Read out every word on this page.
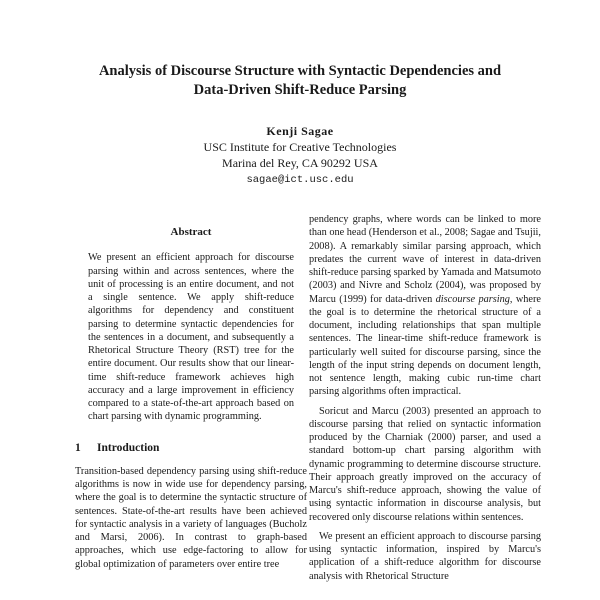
Analysis of Discourse Structure with Syntactic Dependencies and
Data-Driven Shift-Reduce Parsing
Kenji Sagae
USC Institute for Creative Technologies
Marina del Rey, CA 90292 USA
sagae@ict.usc.edu
Abstract

We present an efficient approach for discourse parsing within and across sentences, where the unit of processing is an entire document, and not a single sentence. We apply shift-reduce algorithms for dependency and constituent parsing to determine syntactic dependencies for the sentences in a document, and subsequently a Rhetorical Structure Theory (RST) tree for the entire document. Our results show that our linear-time shift-reduce framework achieves high accuracy and a large improvement in efficiency compared to a state-of-the-art approach based on chart parsing with dynamic programming.

1 Introduction

Transition-based dependency parsing using shift-reduce algorithms is now in wide use for dependency parsing, where the goal is to determine the syntactic structure of sentences. State-of-the-art results have been achieved for syntactic analysis in a variety of languages (Bucholz and Marsi, 2006). In contrast to graph-based approaches, which use edge-factoring to allow for global optimization of parameters over entire tree

pendency graphs, where words can be linked to more than one head (Henderson et al., 2008; Sagae and Tsujii, 2008). A remarkably similar parsing approach, which predates the current wave of interest in data-driven shift-reduce parsing sparked by Yamada and Matsumoto (2003) and Nivre and Scholz (2004), was proposed by Marcu (1999) for data-driven discourse parsing, where the goal is to determine the rhetorical structure of a document, including relationships that span multiple sentences. The linear-time shift-reduce framework is particularly well suited for discourse parsing, since the length of the input string depends on document length, not sentence length, making cubic run-time chart parsing algorithms often impractical.

Soricut and Marcu (2003) presented an approach to discourse parsing that relied on syntactic information produced by the Charniak (2000) parser, and used a standard bottom-up chart parsing algorithm with dynamic programming to determine discourse structure. Their approach greatly improved on the accuracy of Marcu's shift-reduce approach, showing the value of using syntactic information in discourse analysis, but recovered only discourse relations within sentences.

We present an efficient approach to discourse parsing using syntactic information, inspired by Marcu's application of a shift-reduce algorithm for discourse analysis with Rhetorical Structure
